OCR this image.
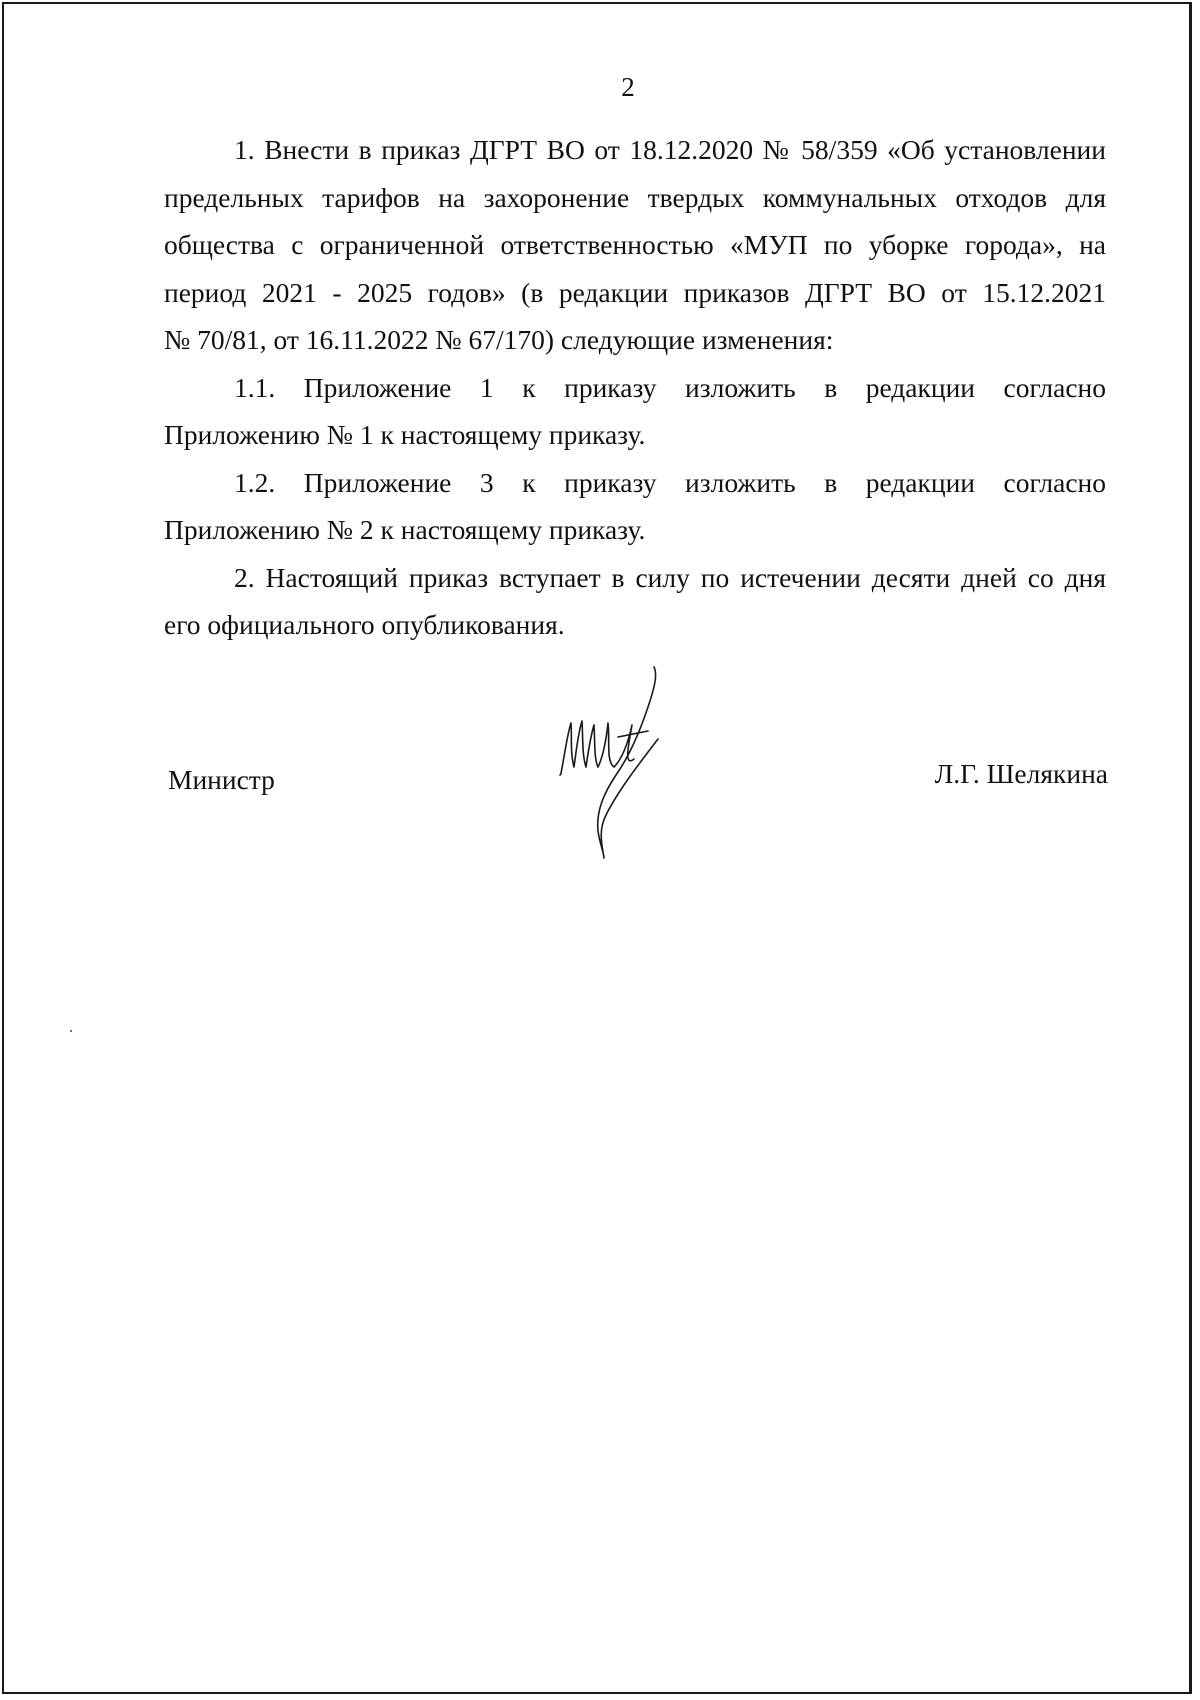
2

1. Внести в приказ ДГРТ ВО от 18.12.2020 № 58/359 «Об установлении
предельных тарифов на захоронение твердых коммунальных отходов для
общества с ограниченной ответственностью «МУП по уборке города», на
период 2021 - 2025 годов» (в редакции приказов ДГРТ ВО от 15.12.2021
№ 70/81, от 16.11.2022 № 67/170) следующие изменения:

1.1. Приложение 1 к приказу изложить в редакции согласно
Приложению № 1 к настоящему приказу.

1.2. Приложение 3 к приказу изложить в редакции согласно
Приложению № 2 к настоящему приказу.

2. Настоящий приказ вступает в силу по истечении десяти дней со дня
его официального опубликования.

Министр	Л.Г. Шелякина
